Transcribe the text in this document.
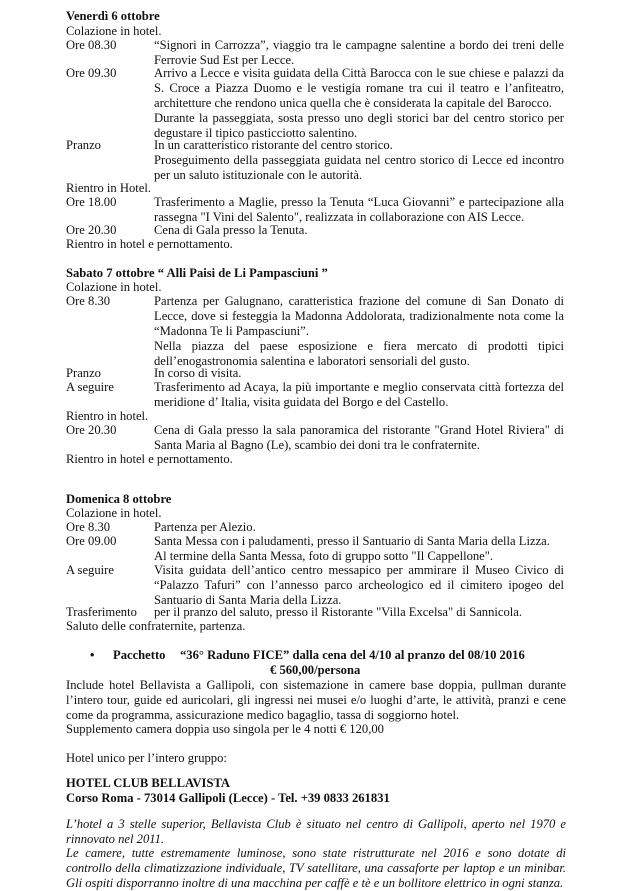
Venerdì 6 ottobre
Colazione in hotel.
Ore 08.30	“Signori in Carrozza”, viaggio tra le campagne salentine a bordo dei treni delle Ferrovie Sud Est per Lecce.

Ore 09.30	Arrivo a Lecce e visita guidata della Città Barocca con le sue chiese e palazzi da S. Croce a Piazza Duomo e le vestigia romane tra cui il teatro e l’anfiteatro, architetture che rendono unica quella che è considerata la capitale del Barocco.

Durante la passeggiata, sosta presso uno degli storici bar del centro storico per degustare il tipico pasticciotto salentino.

Pranzo	In un caratteristico ristorante del centro storico.

Proseguimento della passeggiata guidata nel centro storico di Lecce ed incontro per un saluto istituzionale con le autorità.

Rientro in Hotel.
Ore 18.00	Trasferimento a Maglie, presso la Tenuta “Luca Giovanni” e partecipazione alla rassegna "I Vini del Salento", realizzata in collaborazione con AIS Lecce.

Ore 20.30	Cena di Gala presso la Tenuta.

Rientro in hotel e pernottamento.
Sabato 7 ottobre “ Alli Paisi de Li Pampasciuni ”
Colazione in hotel.
Ore 8.30	Partenza per Galugnano, caratteristica frazione del comune di San Donato di Lecce, dove si festeggia la Madonna Addolorata, tradizionalmente nota come la “Madonna Te li Pampasciuni”.

Nella piazza del paese esposizione e fiera mercato di prodotti tipici dell’enogastronomia salentina e laboratori sensoriali del gusto.

Pranzo	In corso di visita.

A seguire	Trasferimento ad Acaya, la più importante e meglio conservata città fortezza del meridione d’ Italia, visita guidata del Borgo e del Castello.

Rientro in hotel.
Ore 20.30	Cena di Gala presso la sala panoramica del ristorante "Grand Hotel Riviera" di Santa Maria al Bagno (Le), scambio dei doni tra le confraternite.

Rientro in hotel e pernottamento.
Domenica 8 ottobre
Colazione in hotel.
Ore 8.30	Partenza per Alezio.

Ore 09.00	Santa Messa con i paludamenti, presso il Santuario di Santa Maria della Lizza.

Al termine della Santa Messa, foto di gruppo sotto "Il Cappellone".

A seguire	Visita guidata dell’antico centro messapico per ammirare il Museo Civico di “Palazzo Tafuri” con l’annesso parco archeologico ed il cimitero ipogeo del Santuario di Santa Maria della Lizza.

Trasferimento	per il pranzo del saluto, presso il Ristorante "Villa Excelsa" di Sannicola.

Saluto delle confraternite, partenza.
• Pacchetto “36° Raduno FICE” dalla cena del 4/10 al pranzo del 08/10 2016
€ 560,00/persona
Include hotel Bellavista a Gallipoli, con sistemazione in camere base doppia, pullman durante l’intero tour, guide ed auricolari, gli ingressi nei musei e/o luoghi d’arte, le attività, pranzi e cene come da programma, assicurazione medico bagaglio, tassa di soggiorno hotel.
Supplemento camera doppia uso singola per le 4 notti € 120,00
Hotel unico per l’intero gruppo:
HOTEL CLUB BELLAVISTA
Corso Roma - 73014 Gallipoli (Lecce) - Tel. +39 0833 261831
L’hotel a 3 stelle superior, Bellavista Club è situato nel centro di Gallipoli, aperto nel 1970 e rinnovato nel 2011.
Le camere, tutte estremamente luminose, sono state ristrutturate nel 2016 e sono dotate di controllo della climatizzazione individuale, TV satellitare, una cassaforte per laptop e un minibar. Gli ospiti disporranno inoltre di una macchina per caffè e tè e un bollitore elettrico in ogni stanza.
